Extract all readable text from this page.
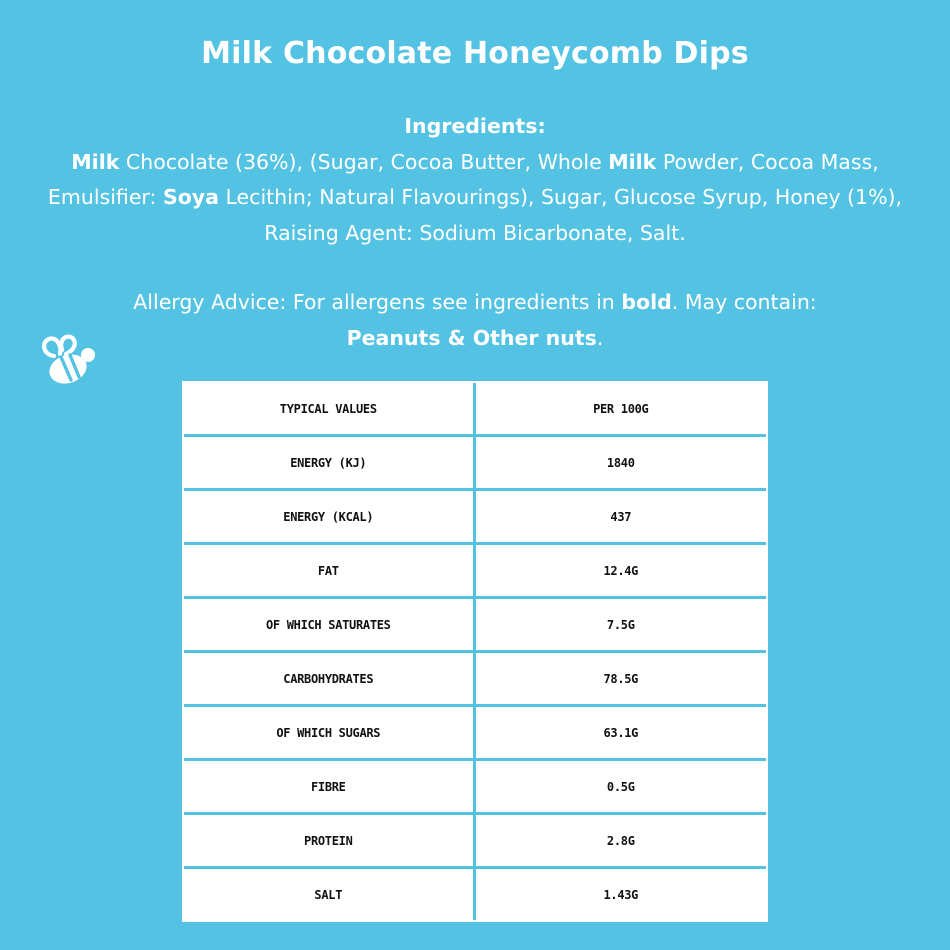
Milk Chocolate Honeycomb Dips
Ingredients:
Milk Chocolate (36%), (Sugar, Cocoa Butter, Whole Milk Powder, Cocoa Mass, Emulsifier: Soya Lecithin; Natural Flavourings), Sugar, Glucose Syrup, Honey (1%), Raising Agent: Sodium Bicarbonate, Salt.
Allergy Advice: For allergens see ingredients in bold. May contain:
Peanuts & Other nuts.
TYPICAL VALUES	PER 100G
ENERGY (KJ)	1840
ENERGY (KCAL)	437
FAT	12.4G
OF WHICH SATURATES	7.5G
CARBOHYDRATES	78.5G
OF WHICH SUGARS	63.1G
FIBRE	0.5G
PROTEIN	2.8G
SALT	1.43G
